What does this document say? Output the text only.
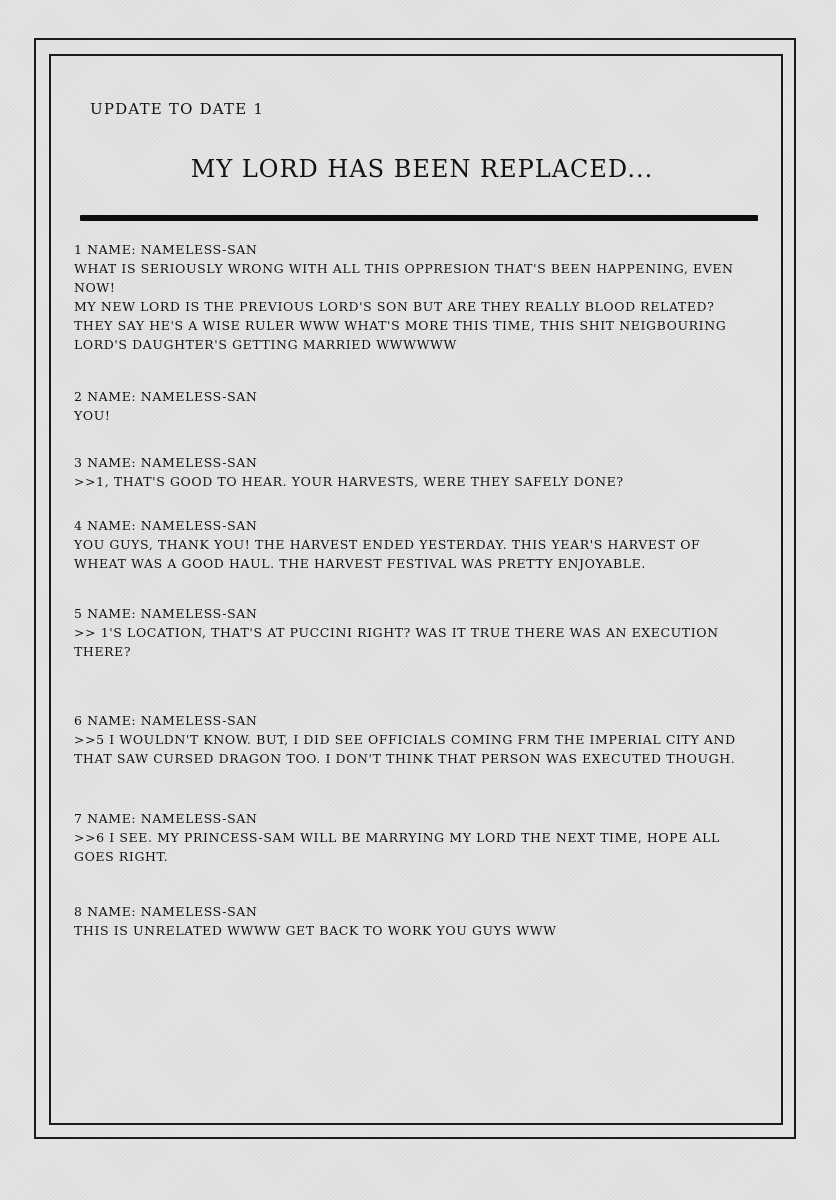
UPDATE TO DATE 1
MY LORD HAS BEEN REPLACED...
1 NAME: NAMELESS-SAN
WHAT IS SERIOUSLY WRONG WITH ALL THIS OPPRESION THAT'S BEEN HAPPENING, EVEN
NOW!
MY NEW LORD IS THE PREVIOUS LORD'S SON BUT ARE THEY REALLY BLOOD RELATED?
THEY SAY HE'S A WISE RULER WWW WHAT'S MORE THIS TIME, THIS SHIT NEIGBOURING
LORD'S DAUGHTER'S GETTING MARRIED WWWWWW
2 NAME: NAMELESS-SAN
YOU!
3 NAME: NAMELESS-SAN
>>1, THAT'S GOOD TO HEAR. YOUR HARVESTS, WERE THEY SAFELY DONE?
4 NAME: NAMELESS-SAN
YOU GUYS, THANK YOU! THE HARVEST ENDED YESTERDAY. THIS YEAR'S HARVEST OF
WHEAT WAS A GOOD HAUL. THE HARVEST FESTIVAL WAS PRETTY ENJOYABLE.
5 NAME: NAMELESS-SAN
>> 1'S LOCATION, THAT'S AT PUCCINI RIGHT? WAS IT TRUE THERE WAS AN EXECUTION
THERE?
6 NAME: NAMELESS-SAN
>>5 I WOULDN'T KNOW. BUT, I DID SEE OFFICIALS COMING FRM THE IMPERIAL CITY AND
THAT SAW CURSED DRAGON TOO. I DON'T THINK THAT PERSON WAS EXECUTED THOUGH.
7 NAME: NAMELESS-SAN
>>6 I SEE. MY PRINCESS-SAM WILL BE MARRYING MY LORD THE NEXT TIME, HOPE ALL
GOES RIGHT.
8 NAME: NAMELESS-SAN
THIS IS UNRELATED WWWW GET BACK TO WORK YOU GUYS WWW
